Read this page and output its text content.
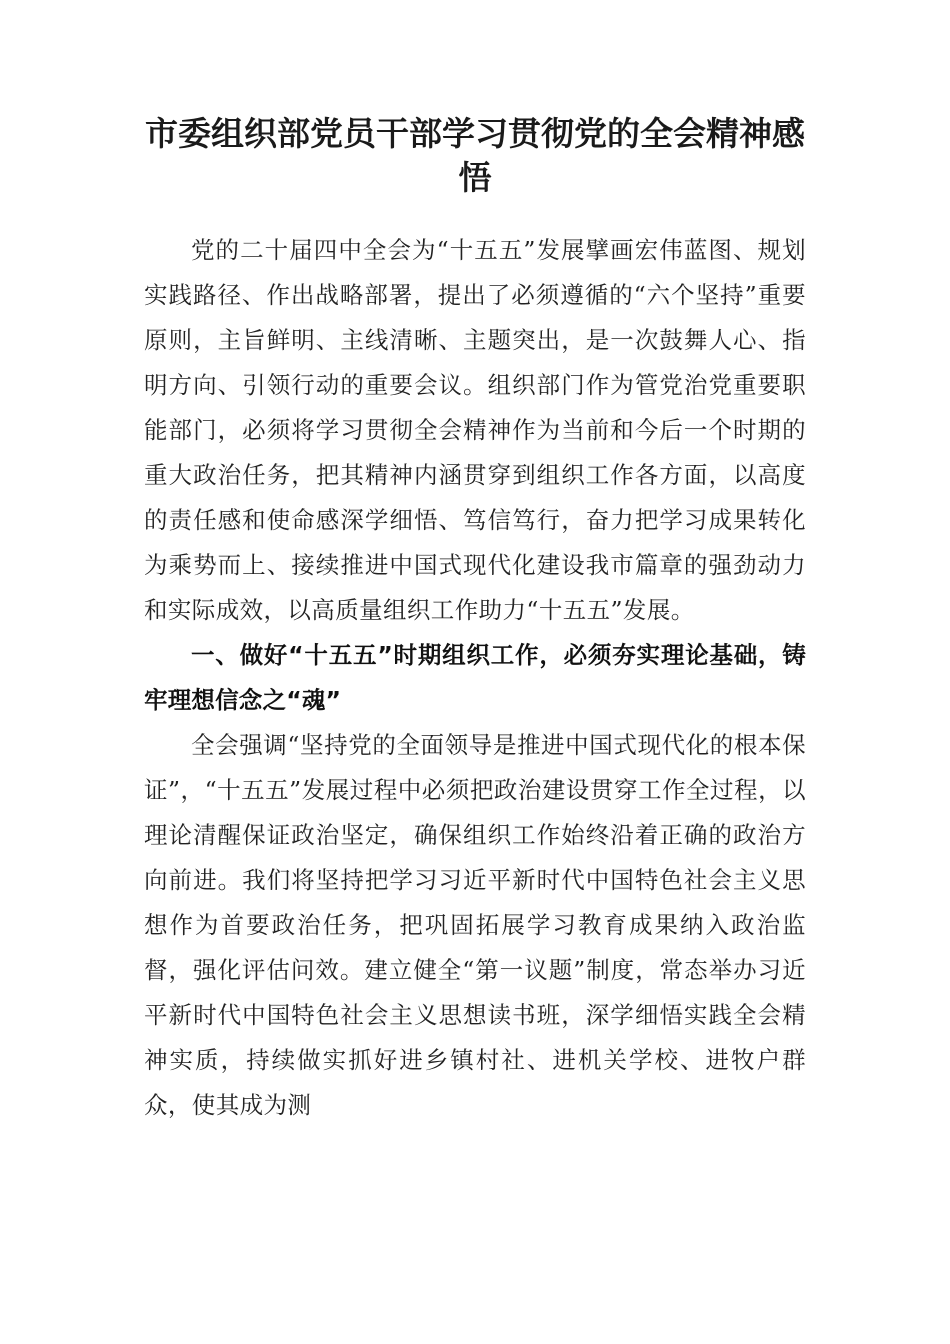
市委组织部党员干部学习贯彻党的全会精神感悟

党的二十届四中全会为“十五五”发展擘画宏伟蓝图、规划实践路径、作出战略部署，提出了必须遵循的“六个坚持”重要原则，主旨鲜明、主线清晰、主题突出，是一次鼓舞人心、指明方向、引领行动的重要会议。组织部门作为管党治党重要职能部门，必须将学习贯彻全会精神作为当前和今后一个时期的重大政治任务，把其精神内涵贯穿到组织工作各方面，以高度的责任感和使命感深学细悟、笃信笃行，奋力把学习成果转化为乘势而上、接续推进中国式现代化建设我市篇章的强劲动力和实际成效，以高质量组织工作助力“十五五”发展。

一、做好“十五五”时期组织工作，必须夯实理论基础，铸牢理想信念之“魂”

全会强调“坚持党的全面领导是推进中国式现代化的根本保证”，“十五五”发展过程中必须把政治建设贯穿工作全过程，以理论清醒保证政治坚定，确保组织工作始终沿着正确的政治方向前进。我们将坚持把学习习近平新时代中国特色社会主义思想作为首要政治任务，把巩固拓展学习教育成果纳入政治监督，强化评估问效。建立健全“第一议题”制度，常态举办习近平新时代中国特色社会主义思想读书班，深学细悟实践全会精神实质，持续做实抓好进乡镇村社、进机关学校、进牧户群众，使其成为测
